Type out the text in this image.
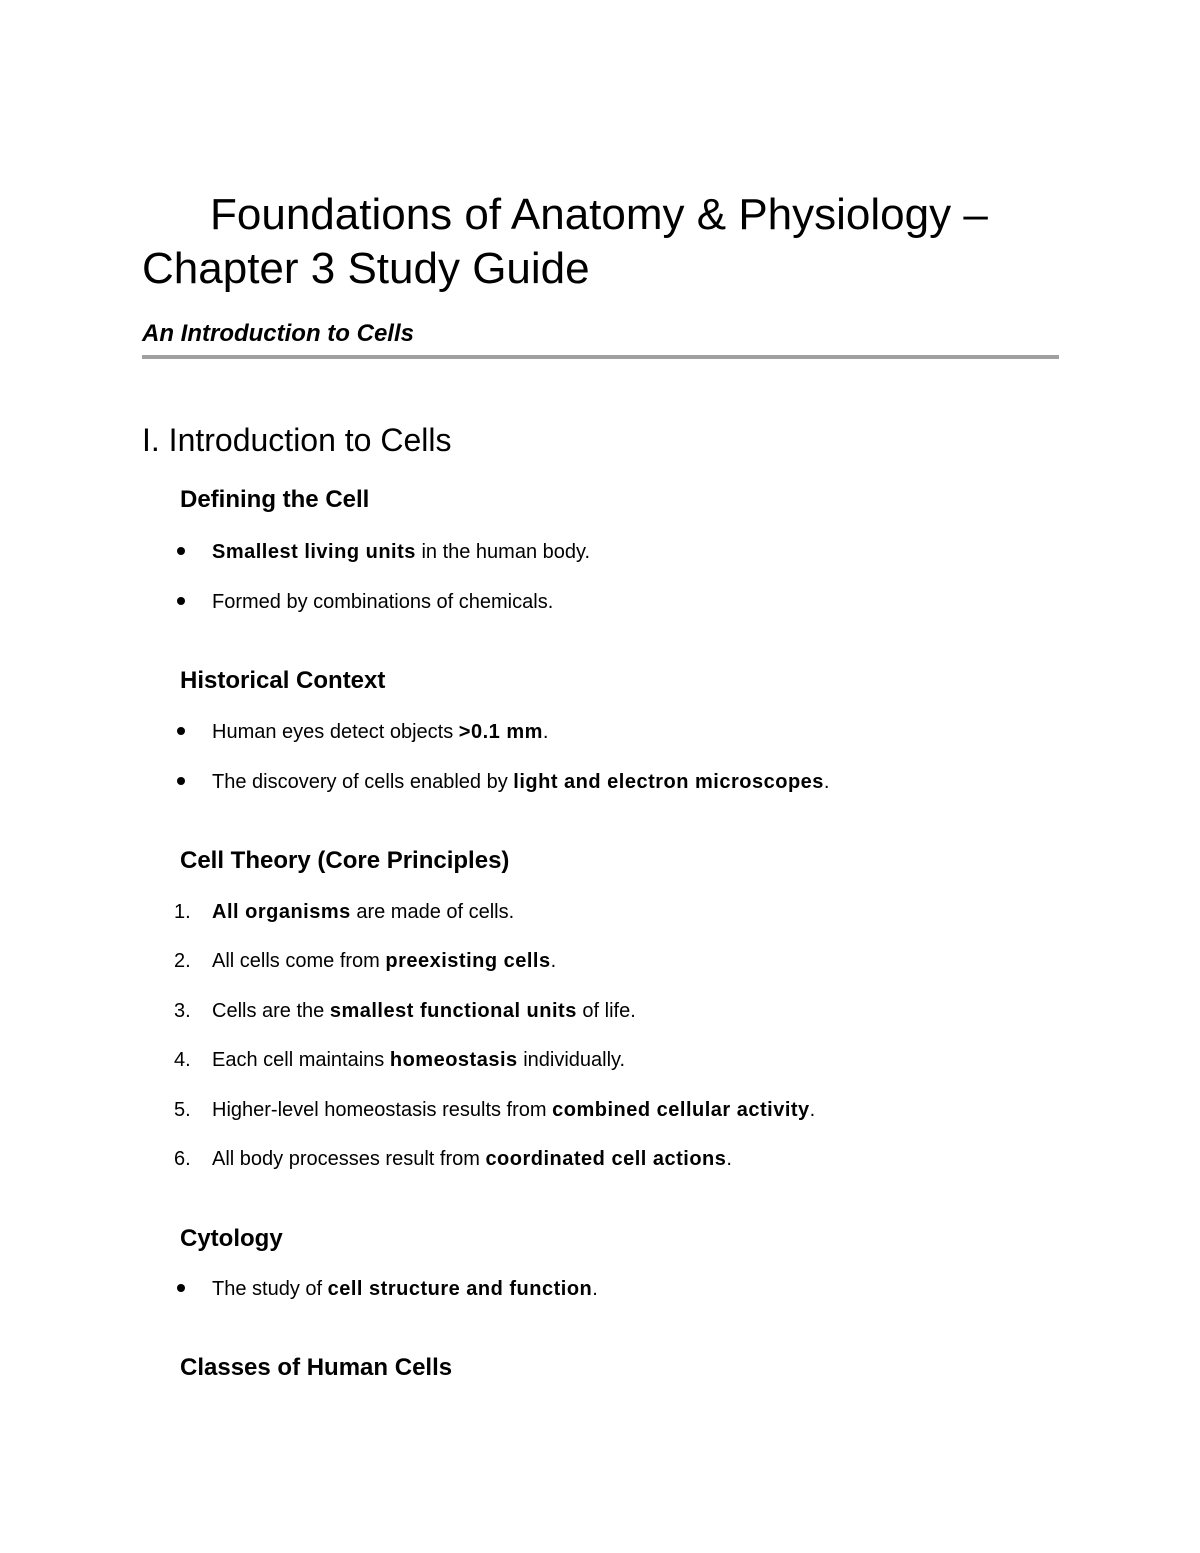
Foundations of Anatomy & Physiology – Chapter 3 Study Guide
An Introduction to Cells
I. Introduction to Cells
Defining the Cell
Smallest living units in the human body.
Formed by combinations of chemicals.
Historical Context
Human eyes detect objects >0.1 mm.
The discovery of cells enabled by light and electron microscopes.
Cell Theory (Core Principles)
1. All organisms are made of cells.
2. All cells come from preexisting cells.
3. Cells are the smallest functional units of life.
4. Each cell maintains homeostasis individually.
5. Higher-level homeostasis results from combined cellular activity.
6. All body processes result from coordinated cell actions.
Cytology
The study of cell structure and function.
Classes of Human Cells
